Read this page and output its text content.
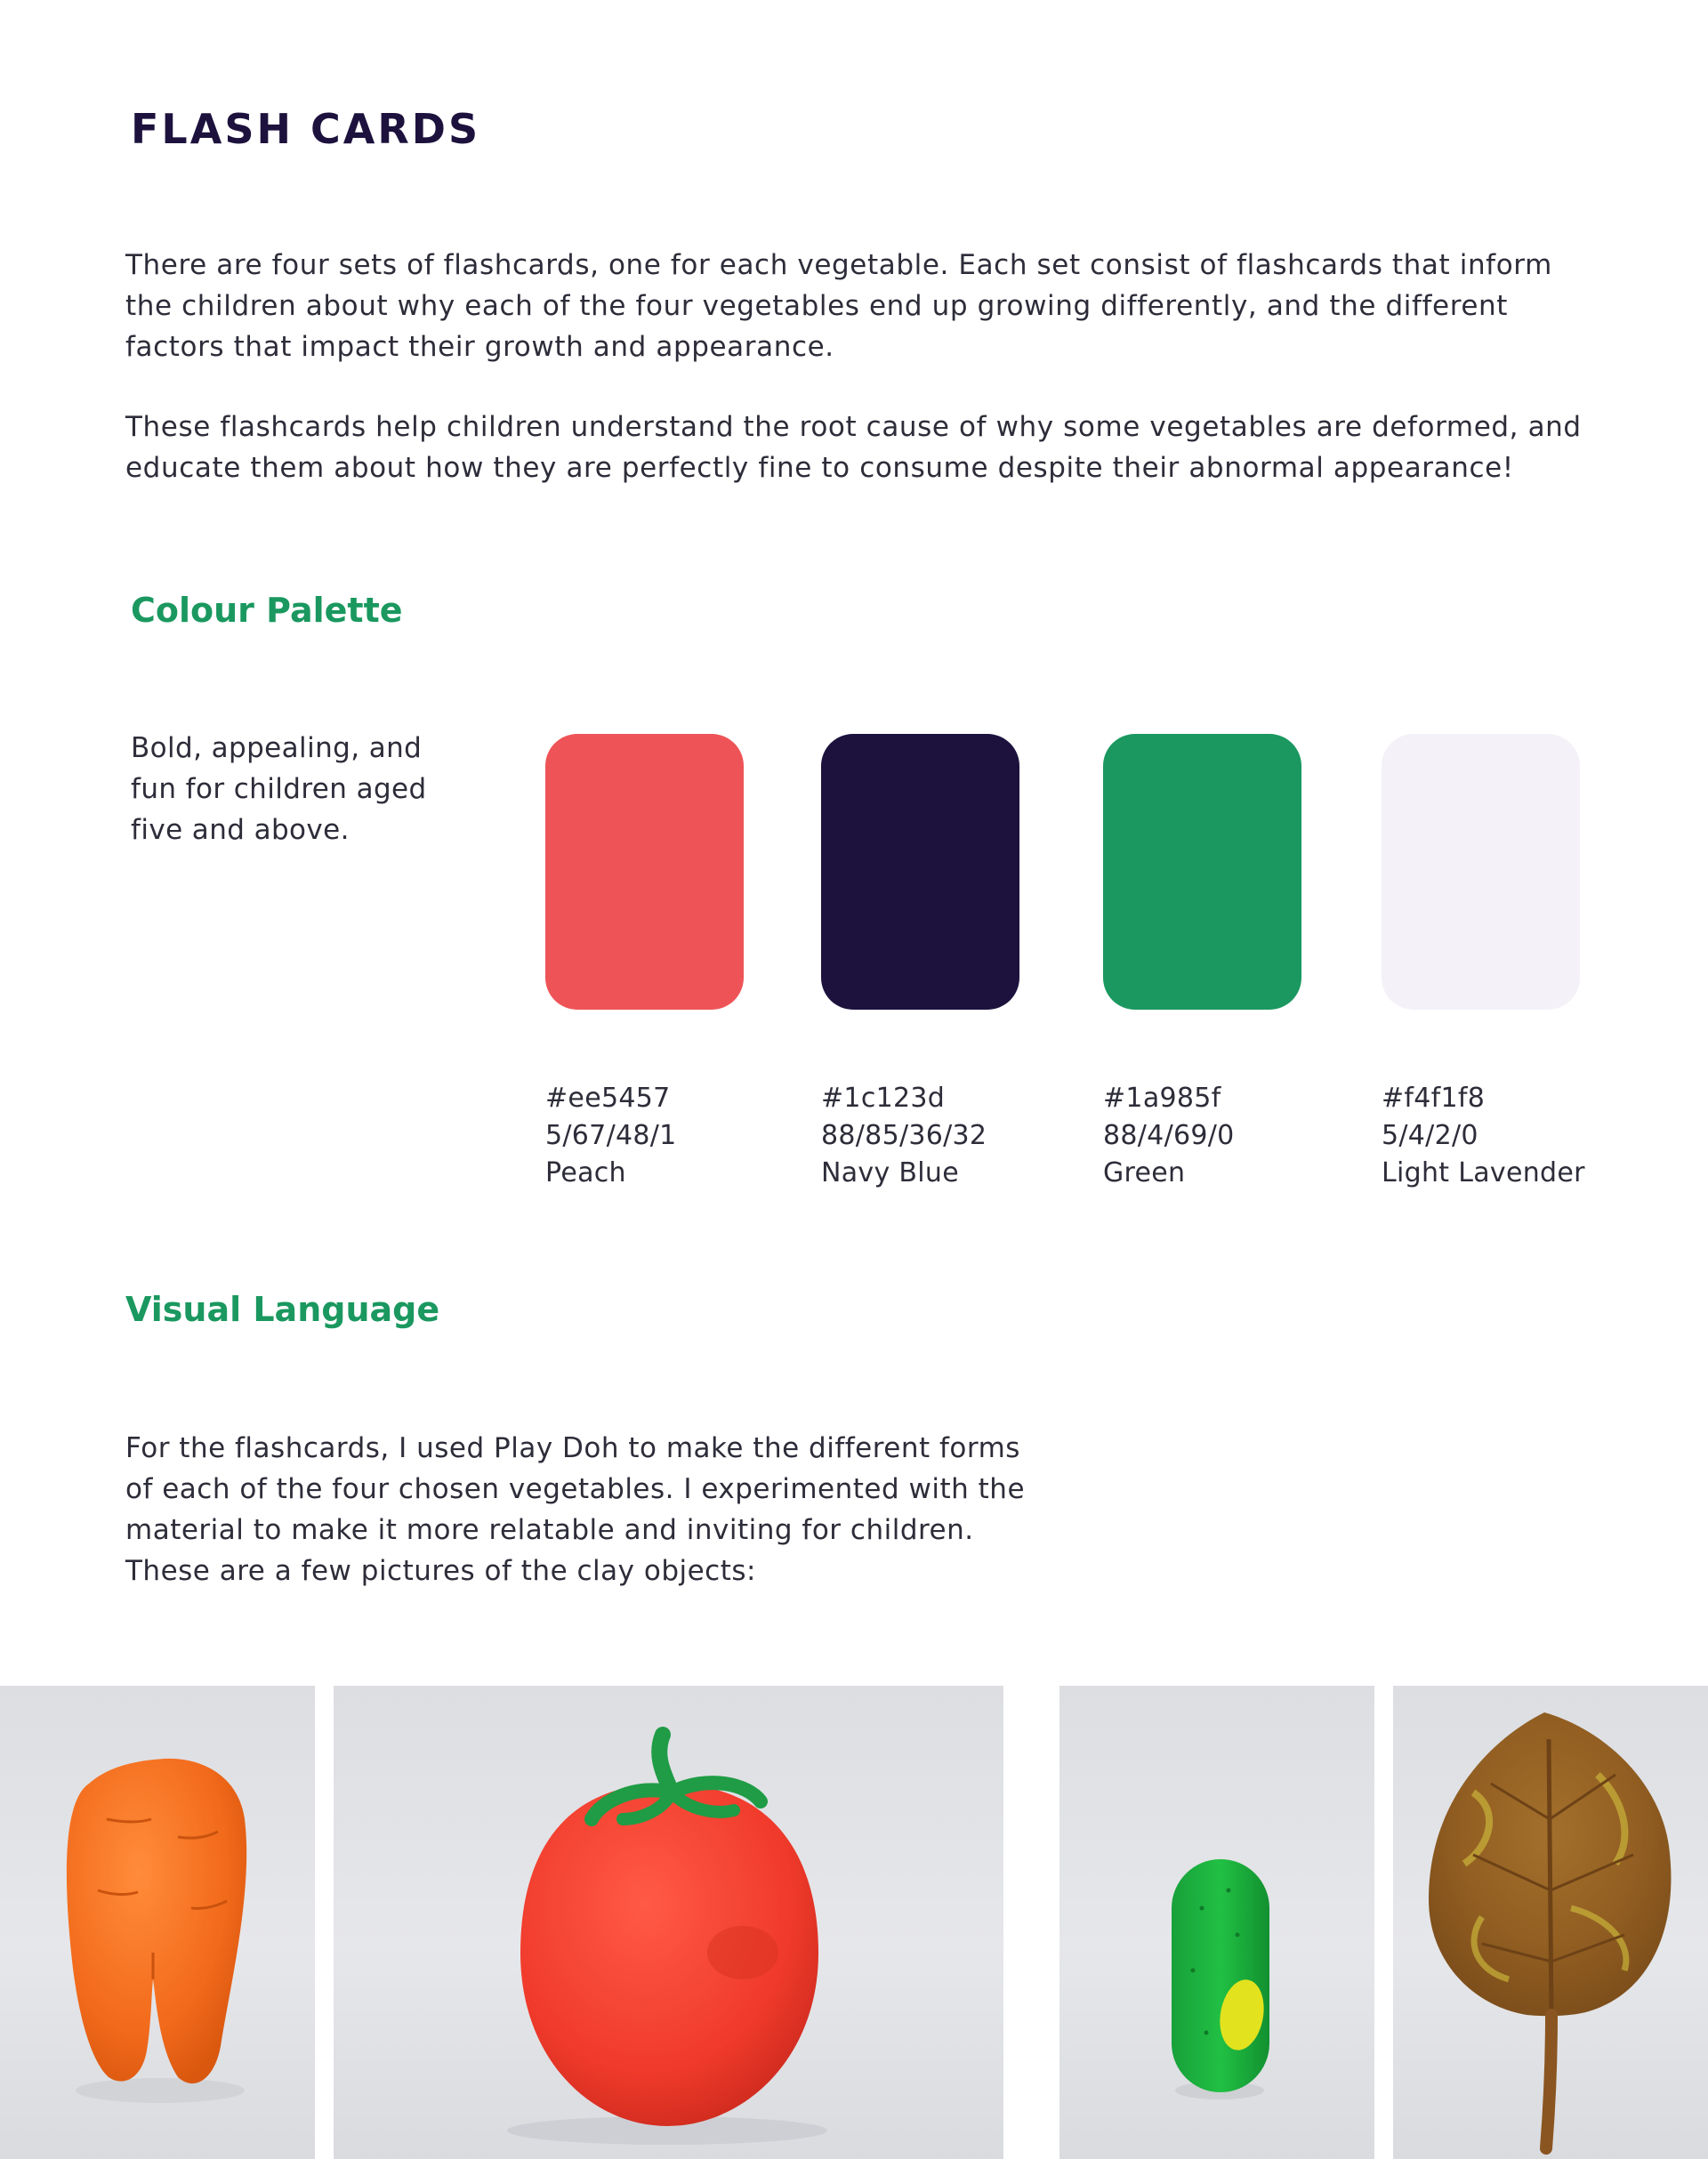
FLASH CARDS

There are four sets of flashcards, one for each vegetable. Each set consist of flashcards that inform the children about why each of the four vegetables end up growing differently, and the different factors that impact their growth and appearance.

These flashcards help children understand the root cause of why some vegetables are deformed, and educate them about how they are perfectly fine to consume despite their abnormal appearance!

Colour Palette

Bold, appealing, and fun for children aged five and above.

#ee5457
5/67/48/1
Peach
#1c123d
88/85/36/32
Navy Blue
#1a985f
88/4/69/0
Green
#f4f1f8
5/4/2/0
Light Lavender
Visual Language

For the flashcards, I used Play Doh to make the different forms of each of the four chosen vegetables. I experimented with the material to make it more relatable and inviting for children. These are a few pictures of the clay objects:
